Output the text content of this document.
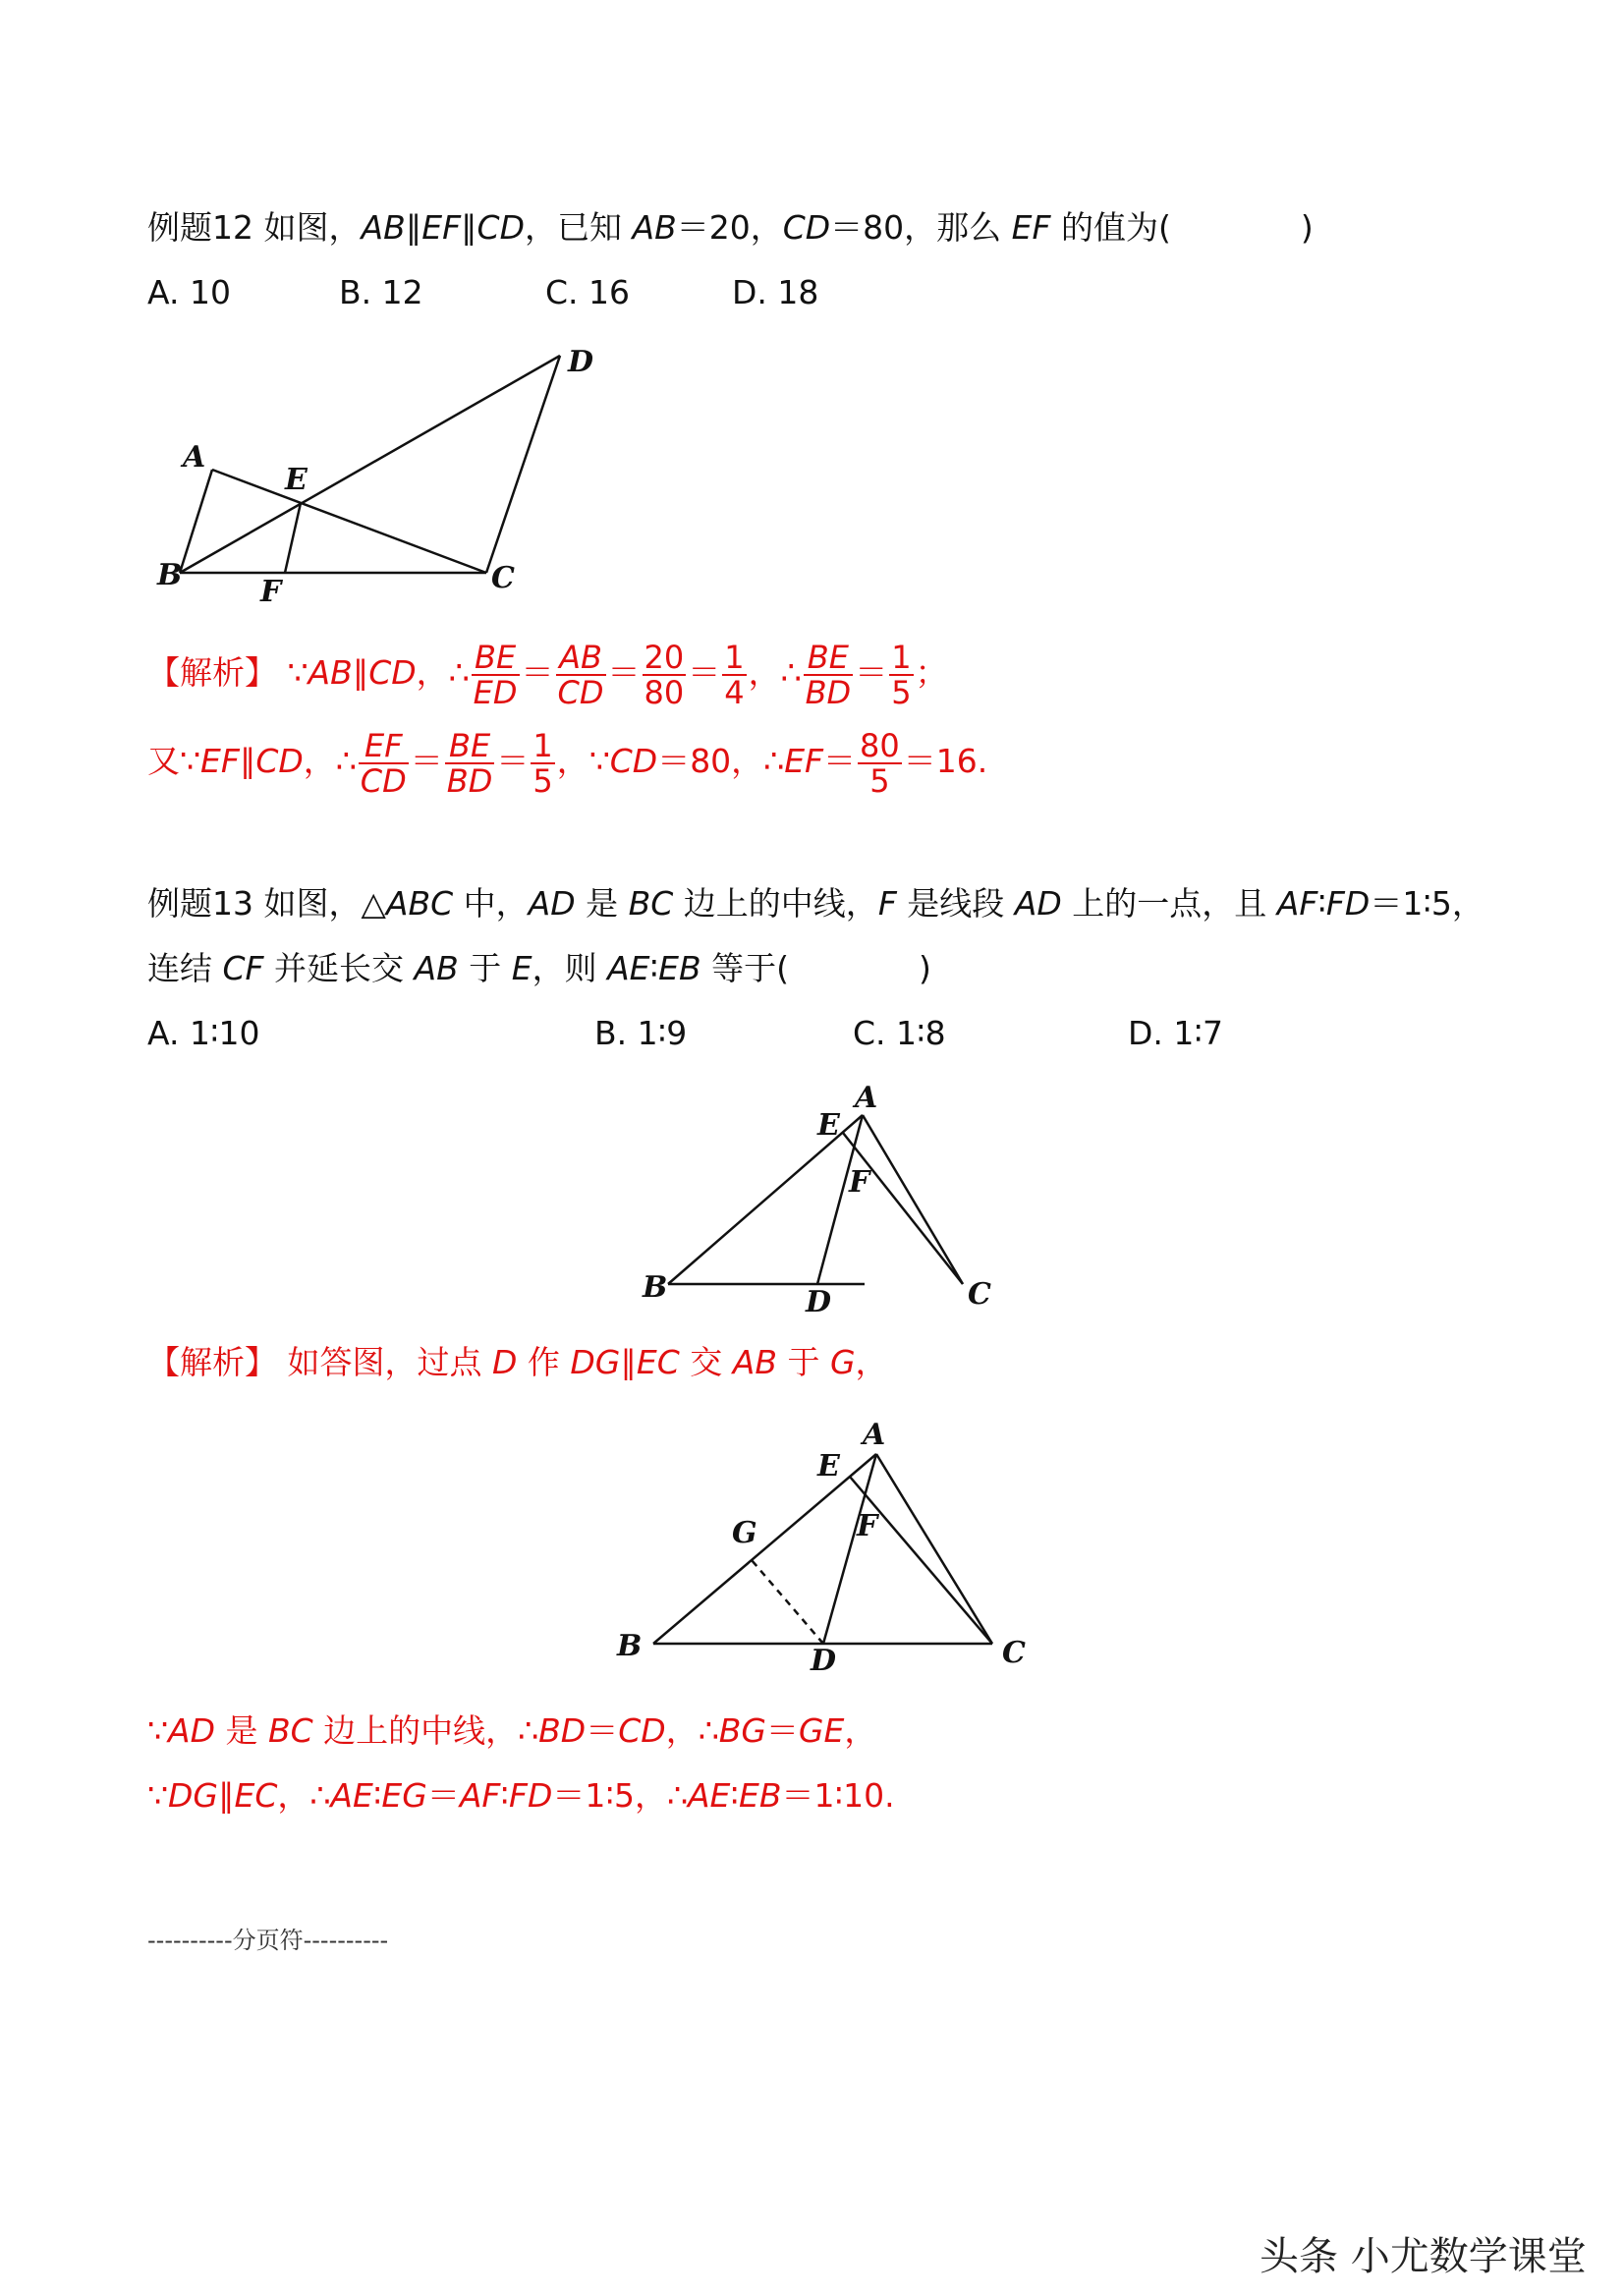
例题12 如图，AB∥EF∥CD，已知 AB＝20，CD＝80，那么 EF 的值为(　　　　)
A. 10	B. 12	C. 16	D. 18
A
B	C
D
E
F
【解析】 ∵AB∥CD，∴ $\frac{BE}{ED} = \frac{AB}{CD} = \frac{20}{80} = \frac{1}{4}$ ，∴ $\frac{BE}{BD} = \frac{1}{5}$ ；
又∵EF∥CD，∴ $\frac{EF}{CD} = \frac{BE}{BD} = \frac{1}{5}$ ，∵CD＝80，∴EF＝ $\frac{80}{5} =16$.
例题13 如图，△ABC 中，AD 是 BC 边上的中线，F 是线段 AD 上的一点，且 AF∶FD＝1∶5，
连结 CF 并延长交 AB 于 E，则 AE∶EB 等于(　　　　)
A. 1∶10	B. 1∶9	C. 1∶8	D. 1∶7
A
B	C
D
E
F
【解析】 如答图，过点 D 作 DG∥EC 交 AB 于 G，
A
B	C
D
E
F
G
∵AD 是 BC 边上的中线，∴BD＝CD，∴BG＝GE，
∵DG∥EC，∴AE∶EG＝AF∶FD＝1∶5，∴AE∶EB＝1∶10.
----------分页符----------
头条 小尤数学课堂
